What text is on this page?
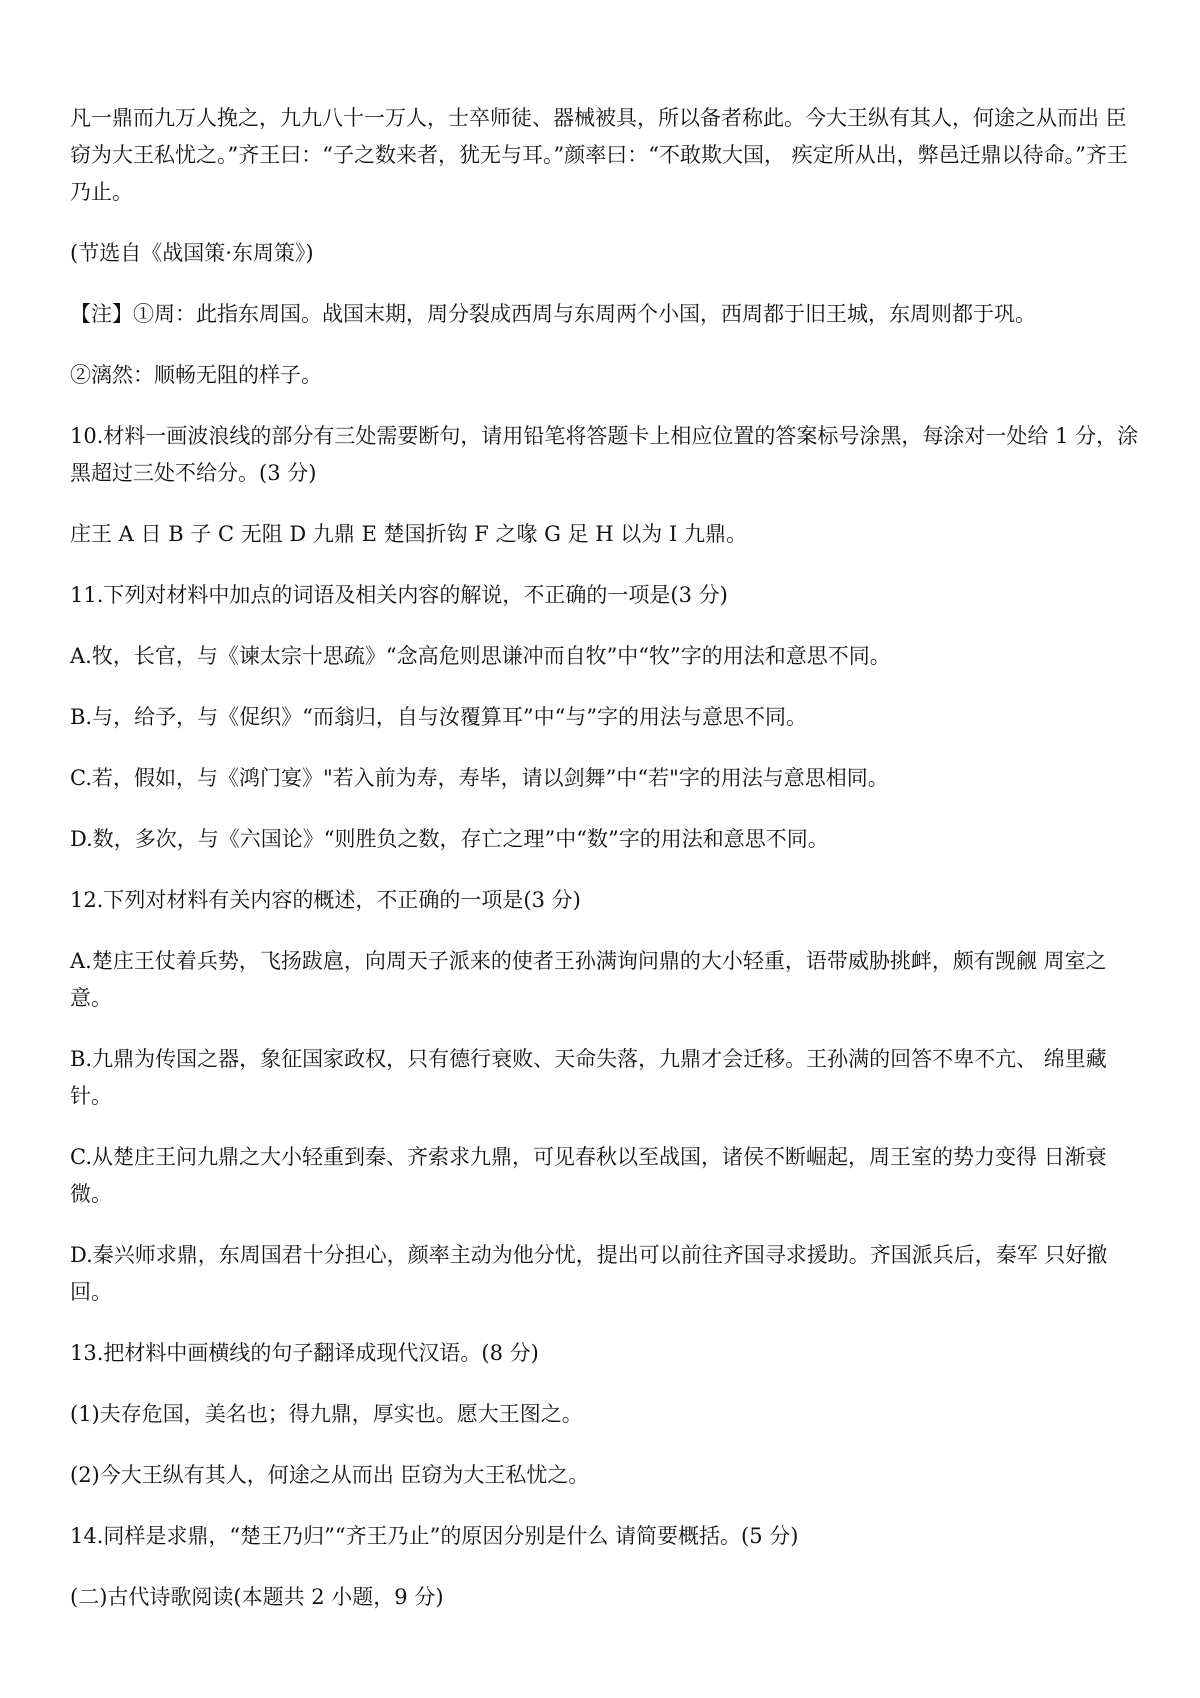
凡一鼎而九万人挽之，九九八十一万人，士卒师徒、器械被具，所以备者称此。今大王纵有其人，何途之从而出 臣窃为大王私忧之。”齐王曰：“子之数来者，犹无与耳。”颜率曰：“不敢欺大国， 疾定所从出，弊邑迁鼎以待命。”齐王乃止。

(节选自《战国策·东周策》)

【注】①周：此指东周国。战国末期，周分裂成西周与东周两个小国，西周都于旧王城，东周则都于巩。

②漓然：顺畅无阻的样子。

10.材料一画波浪线的部分有三处需要断句，请用铅笔将答题卡上相应位置的答案标号涂黑，每涂对一处给 1 分，涂黑超过三处不给分。(3 分)

庄王 A 日 B 子 C 无阻 D 九鼎 E 楚国折钩 F 之喙 G 足 H 以为 I 九鼎。

11.下列对材料中加点的词语及相关内容的解说，不正确的一项是(3 分)

A.牧，长官，与《谏太宗十思疏》“念高危则思谦冲而自牧”中“牧”字的用法和意思不同。

B.与，给予，与《促织》“而翁归，自与汝覆算耳”中“与”字的用法与意思不同。

C.若，假如，与《鸿门宴》"若入前为寿，寿毕，请以剑舞”中“若"字的用法与意思相同。

D.数，多次，与《六国论》“则胜负之数，存亡之理”中“数”字的用法和意思不同。

12.下列对材料有关内容的概述，不正确的一项是(3 分)

A.楚庄王仗着兵势，飞扬跋扈，向周天子派来的使者王孙满询问鼎的大小轻重，语带威胁挑衅，颇有觊觎 周室之意。

B.九鼎为传国之器，象征国家政权，只有德行衰败、天命失落，九鼎才会迁移。王孙满的回答不卑不亢、 绵里藏针。

C.从楚庄王问九鼎之大小轻重到秦、齐索求九鼎，可见春秋以至战国，诸侯不断崛起，周王室的势力变得 日渐衰微。

D.秦兴师求鼎，东周国君十分担心，颜率主动为他分忧，提出可以前往齐国寻求援助。齐国派兵后，秦军 只好撤回。

13.把材料中画横线的句子翻译成现代汉语。(8 分)

(1)夫存危国，美名也；得九鼎，厚实也。愿大王图之。

(2)今大王纵有其人，何途之从而出 臣窃为大王私忧之。

14.同样是求鼎，“楚王乃归”“齐王乃止”的原因分别是什么 请简要概括。(5 分)

(二)古代诗歌阅读(本题共 2 小题，9 分)
